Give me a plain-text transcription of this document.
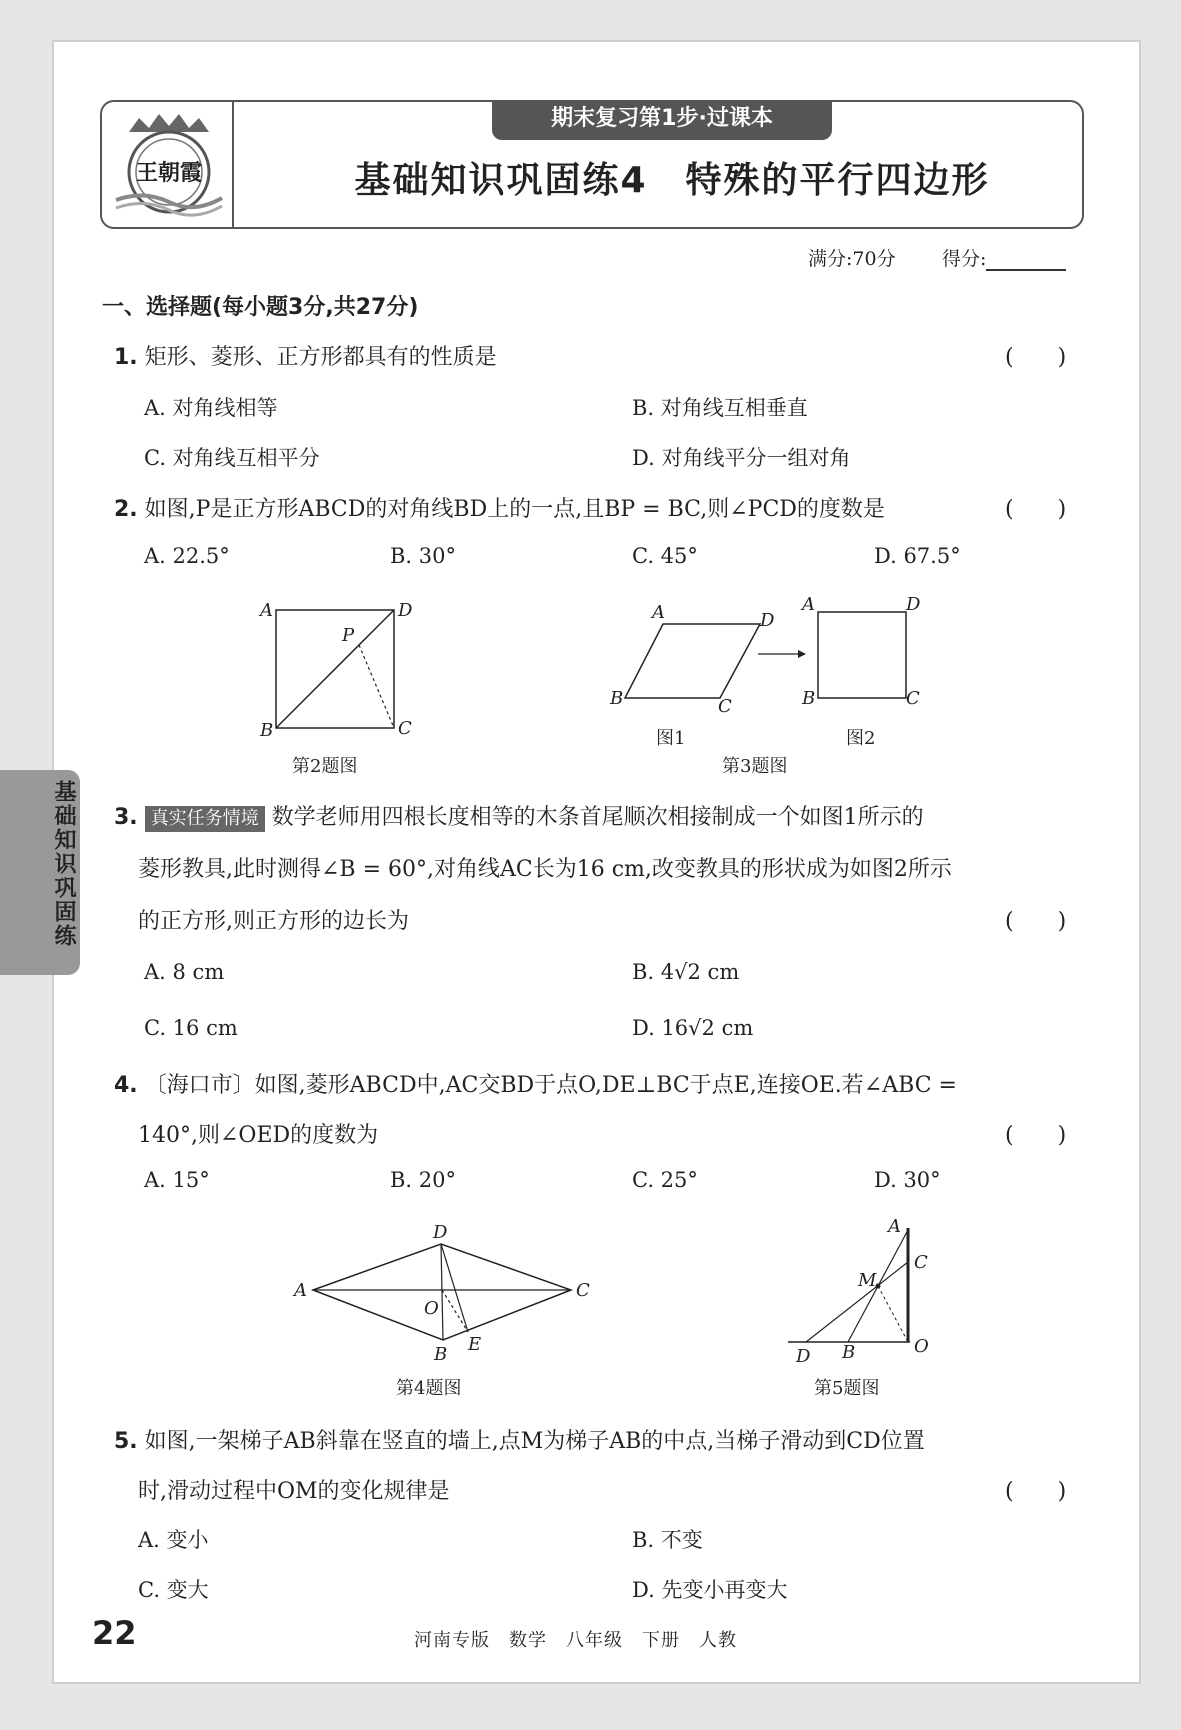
王朝霞
期末复习第1步·过课本
基础知识巩固练4　特殊的平行四边形
满分:70分 得分:
一、选择题(每小题3分,共27分)
1. 矩形、菱形、正方形都具有的性质是	(　　)
A. 对角线相等	B. 对角线互相垂直
C. 对角线互相平分	D. 对角线平分一组对角
2. 如图,P是正方形ABCD的对角线BD上的一点,且BP = BC,则∠PCD的度数是	(　　)
A. 22.5°	B. 30°	C. 45°	D. 67.5°
A	D
B	C
P
第2题图
A	D
B	C
A	D
B	C
图1	图2
第3题图
3. 真实任务情境 数学老师用四根长度相等的木条首尾顺次相接制成一个如图1所示的
菱形教具,此时测得∠B = 60°,对角线AC长为16 cm,改变教具的形状成为如图2所示
的正方形,则正方形的边长为	(　　)
A. 8 cm	B. 4√2 cm
C. 16 cm	D. 16√2 cm
4. 〔海口市〕如图,菱形ABCD中,AC交BD于点O,DE⊥BC于点E,连接OE.若∠ABC =
140°,则∠OED的度数为	(　　)
A. 15°	B. 20°	C. 25°	D. 30°
D
A	C
O
B E
第4题图
A
C
M
D B	O
第5题图
5. 如图,一架梯子AB斜靠在竖直的墙上,点M为梯子AB的中点,当梯子滑动到CD位置
时,滑动过程中OM的变化规律是	(　　)
A. 变小	B. 不变
C. 变大	D. 先变小再变大
基础知识巩固练
22	河南专版　数学　八年级　下册　人教
